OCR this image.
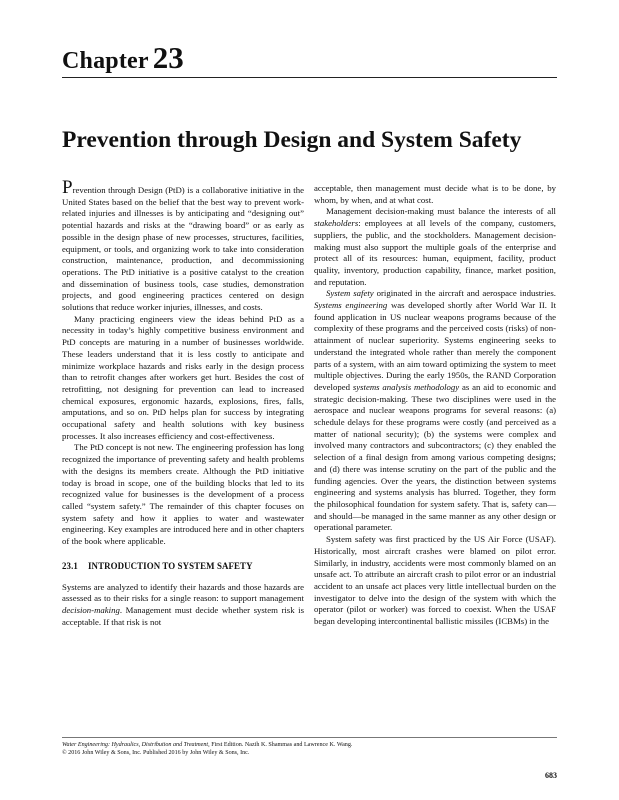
Chapter 23
Prevention through Design and System Safety

Prevention through Design (PtD) is a collaborative initiative in the United States based on the belief that the best way to prevent work-related injuries and illnesses is by anticipating and “designing out” potential hazards and risks at the “drawing board” or as early as possible in the design phase of new processes, structures, facilities, equipment, or tools, and organizing work to take into consideration construction, maintenance, production, and decommissioning operations. The PtD initiative is a positive catalyst to the creation and dissemination of business tools, case studies, demonstration projects, and good engineering practices centered on design solutions that reduce worker injuries, illnesses, and costs.

Many practicing engineers view the ideas behind PtD as a necessity in today’s highly competitive business environment and PtD concepts are maturing in a number of businesses worldwide. These leaders understand that it is less costly to anticipate and minimize workplace hazards and risks early in the design process than to retrofit changes after workers get hurt. Besides the cost of retrofitting, not designing for prevention can lead to increased chemical exposures, ergonomic hazards, explosions, fires, falls, amputations, and so on. PtD helps plan for success by integrating occupational safety and health solutions with key business processes. It also increases efficiency and cost-effectiveness.

The PtD concept is not new. The engineering profession has long recognized the importance of preventing safety and health problems with the designs its members create. Although the PtD initiative today is broad in scope, one of the building blocks that led to its recognized value for businesses is the development of a process called “system safety.” The remainder of this chapter focuses on system safety and how it applies to water and wastewater engineering. Key examples are introduced here and in other chapters of the book where applicable.

23.1 INTRODUCTION TO SYSTEM SAFETY

Systems are analyzed to identify their hazards and those hazards are assessed as to their risks for a single reason: to support management decision-making. Management must decide whether system risk is acceptable. If that risk is not

acceptable, then management must decide what is to be done, by whom, by when, and at what cost.

Management decision-making must balance the interests of all stakeholders: employees at all levels of the company, customers, suppliers, the public, and the stockholders. Management decision-making must also support the multiple goals of the enterprise and protect all of its resources: human, equipment, facility, product quality, inventory, production capability, finance, market position, and reputation.

System safety originated in the aircraft and aerospace industries. Systems engineering was developed shortly after World War II. It found application in US nuclear weapons programs because of the complexity of these programs and the perceived costs (risks) of non-attainment of nuclear superiority. Systems engineering seeks to understand the integrated whole rather than merely the component parts of a system, with an aim toward optimizing the system to meet multiple objectives. During the early 1950s, the RAND Corporation developed systems analysis methodology as an aid to economic and strategic decision-making. These two disciplines were used in the aerospace and nuclear weapons programs for several reasons: (a) schedule delays for these programs were costly (and perceived as a matter of national security); (b) the systems were complex and involved many contractors and subcontractors; (c) they enabled the selection of a final design from among various competing designs; and (d) there was intense scrutiny on the part of the public and the funding agencies. Over the years, the distinction between systems engineering and systems analysis has blurred. Together, they form the philosophical foundation for system safety. That is, safety can—and should—be managed in the same manner as any other design or operational parameter.

System safety was first practiced by the US Air Force (USAF). Historically, most aircraft crashes were blamed on pilot error. Similarly, in industry, accidents were most commonly blamed on an unsafe act. To attribute an aircraft crash to pilot error or an industrial accident to an unsafe act places very little intellectual burden on the investigator to delve into the design of the system with which the operator (pilot or worker) was forced to coexist. When the USAF began developing intercontinental ballistic missiles (ICBMs) in the

Water Engineering: Hydraulics, Distribution and Treatment, First Edition. Nazih K. Shammas and Lawrence K. Wang.
© 2016 John Wiley & Sons, Inc. Published 2016 by John Wiley & Sons, Inc.
683
